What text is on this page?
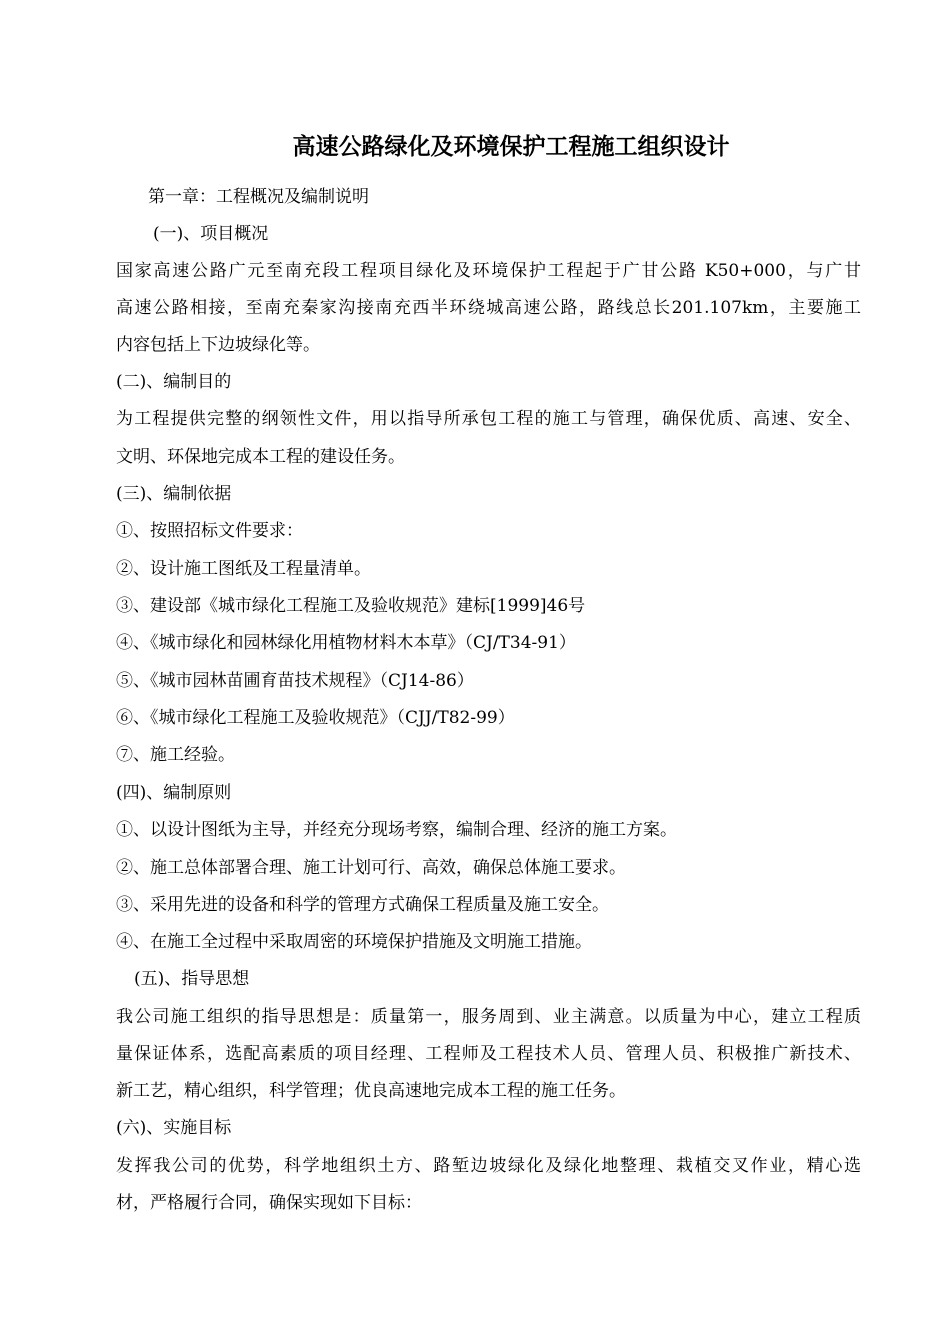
高速公路绿化及环境保护工程施工组织设计

第一章：工程概况及编制说明

(一)、项目概况

国家高速公路广元至南充段工程项目绿化及环境保护工程起于广甘公路 K50+000，与广甘

高速公路相接，至南充秦家沟接南充西半环绕城高速公路，路线总长201.107km，主要施工

内容包括上下边坡绿化等。

(二)、编制目的

为工程提供完整的纲领性文件，用以指导所承包工程的施工与管理，确保优质、高速、安全、

文明、环保地完成本工程的建设任务。

(三)、编制依据

①、按照招标文件要求：

②、设计施工图纸及工程量清单。

③、建设部《城市绿化工程施工及验收规范》建标[1999]46号

④、《城市绿化和园林绿化用植物材料木本草》（CJ/T34-91）

⑤、《城市园林苗圃育苗技术规程》（CJ14-86）

⑥、《城市绿化工程施工及验收规范》（CJJ/T82-99）

⑦、施工经验。

(四)、编制原则

①、以设计图纸为主导，并经充分现场考察，编制合理、经济的施工方案。

②、施工总体部署合理、施工计划可行、高效，确保总体施工要求。

③、采用先进的设备和科学的管理方式确保工程质量及施工安全。

④、在施工全过程中采取周密的环境保护措施及文明施工措施。

(五)、指导思想

我公司施工组织的指导思想是：质量第一，服务周到、业主满意。以质量为中心，建立工程质

量保证体系，选配高素质的项目经理、工程师及工程技术人员、管理人员、积极推广新技术、

新工艺，精心组织，科学管理；优良高速地完成本工程的施工任务。

(六)、实施目标

发挥我公司的优势，科学地组织土方、路堑边坡绿化及绿化地整理、栽植交叉作业，精心选

材，严格履行合同，确保实现如下目标：
